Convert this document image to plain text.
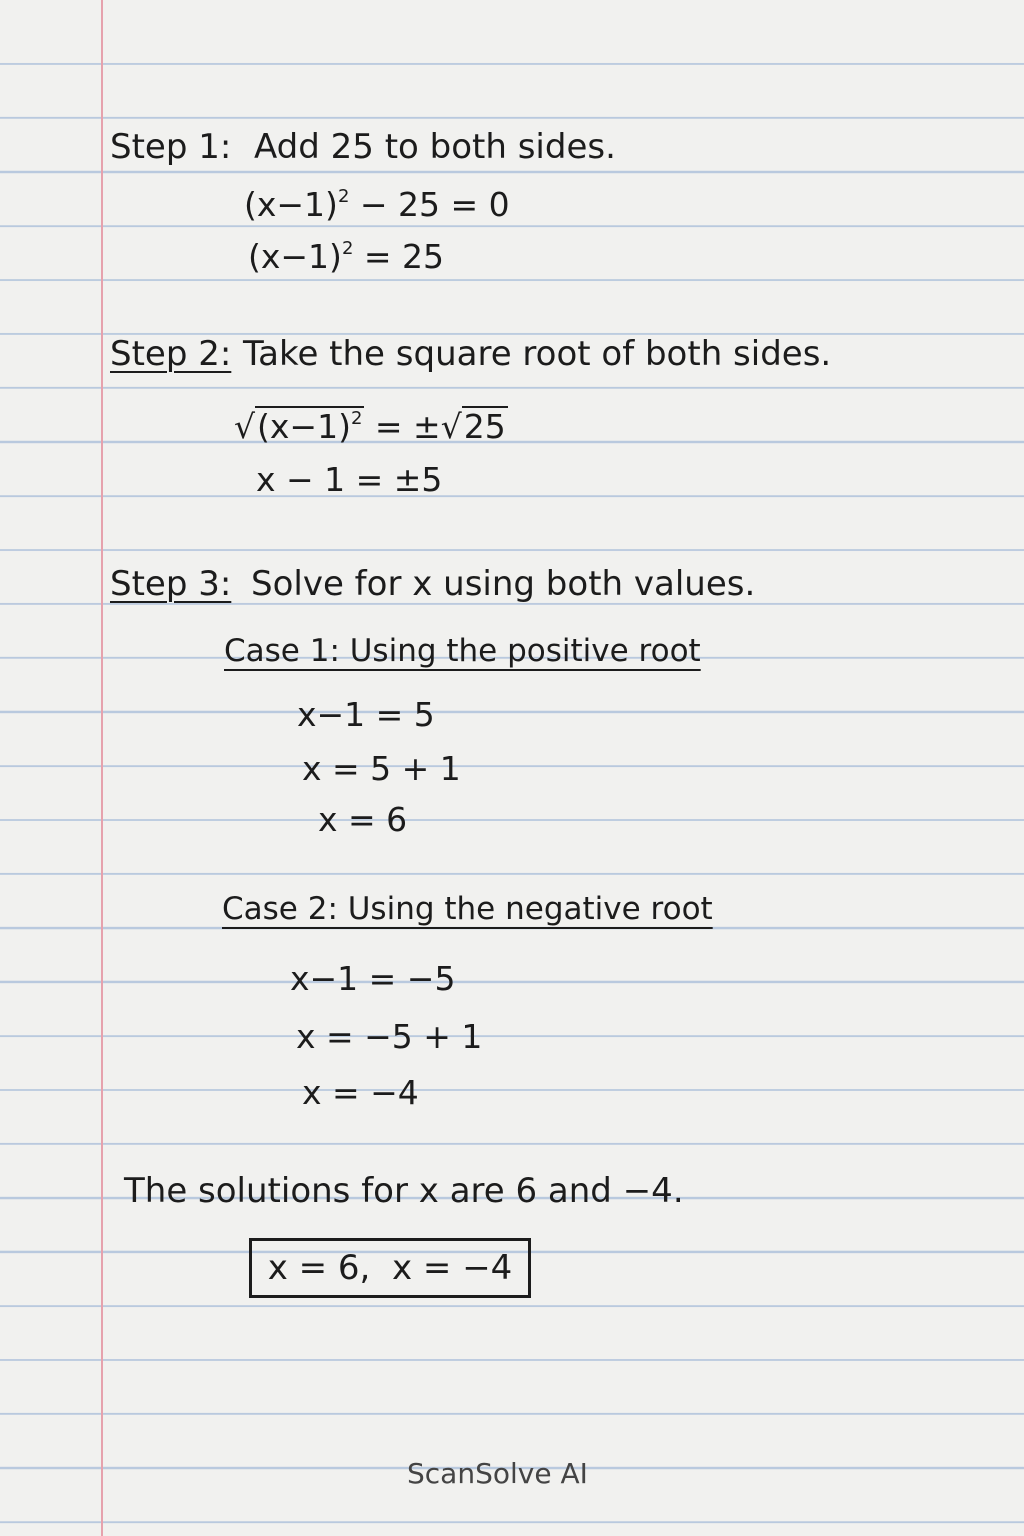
Step 1: Add 25 to both sides.
$(x-1)^2 - 25 = 0$
$(x-1)^2 = 25$
Step 2: Take the square root of both sides.
$√(x-1)^2 = \pm√25$
x − 1 = ±5
Step 3: Solve for x using both values.
Case 1: Using the positive root
x−1 = 5
x = 5 + 1
x = 6
Case 2: Using the negative root
x−1 = −5
x = −5 + 1
x = −4
The solutions for x are 6 and −4.
x = 6,  x = −4
ScanSolve AI
